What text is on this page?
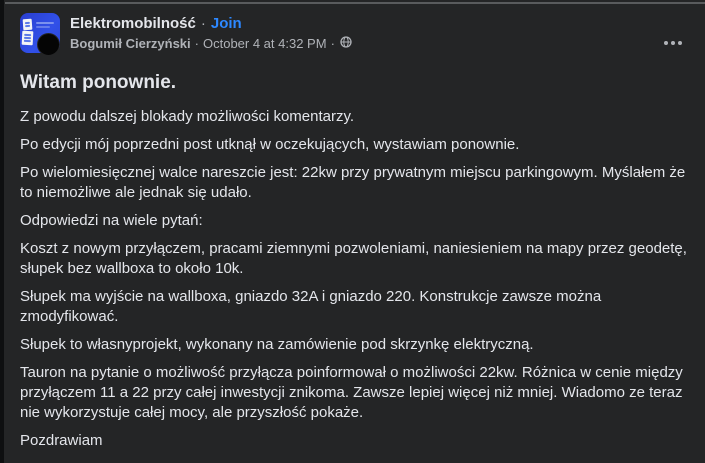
Elektromobilność · Join
Bogumił Cierzyński · October 4 at 4:32 PM ·
Witam ponownie.

Z powodu dalszej blokady możliwości komentarzy.

Po edycji mój poprzedni post utknął w oczekujących, wystawiam ponownie.

Po wielomiesięcznej walce nareszcie jest: 22kw przy prywatnym miejscu parkingowym. Myślałem że to niemożliwe ale jednak się udało.

Odpowiedzi na wiele pytań:

Koszt z nowym przyłączem, pracami ziemnymi pozwoleniami, naniesieniem na mapy przez geodetę, słupek bez wallboxa to około 10k.

Słupek ma wyjście na wallboxa, gniazdo 32A i gniazdo 220. Konstrukcje zawsze można zmodyfikować.

Słupek to własnyprojekt, wykonany na zamówienie pod skrzynkę elektryczną.

Tauron na pytanie o możliwość przyłącza poinformował o możliwości 22kw. Różnica w cenie między przyłączem 11 a 22 przy całej inwestycji znikoma. Zawsze lepiej więcej niż mniej. Wiadomo ze teraz nie wykorzystuje całej mocy, ale przyszłość pokaże.

Pozdrawiam
